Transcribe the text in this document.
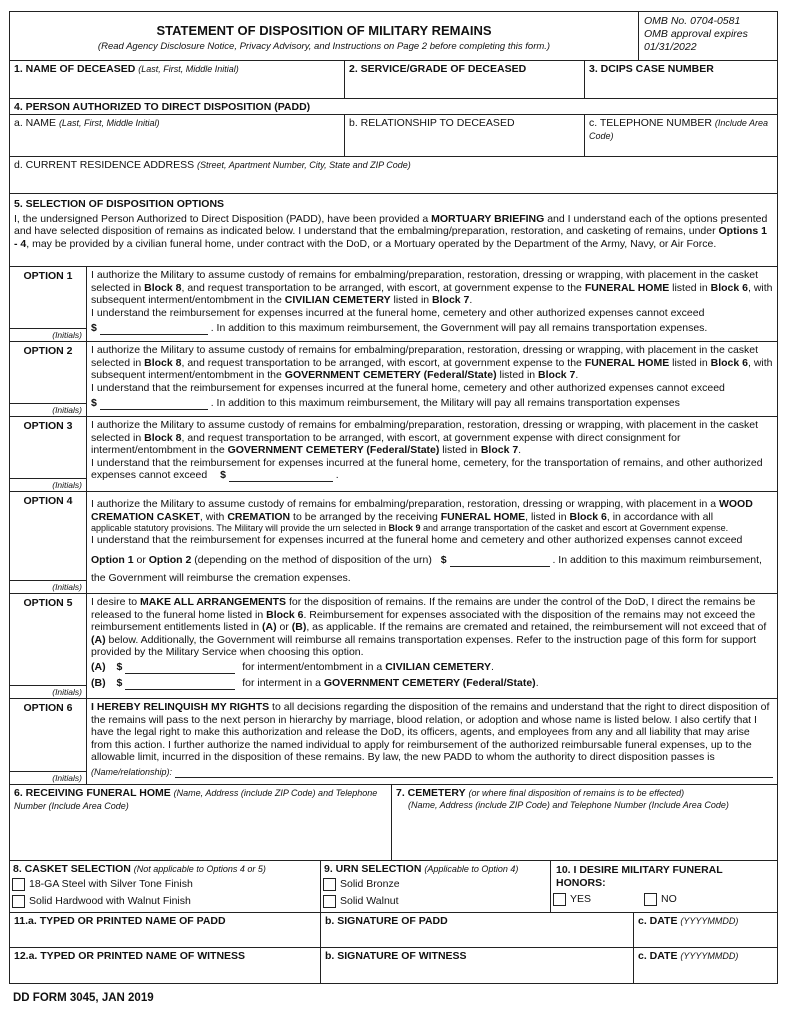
STATEMENT OF DISPOSITION OF MILITARY REMAINS
(Read Agency Disclosure Notice, Privacy Advisory, and Instructions on Page 2 before completing this form.)
OMB No. 0704-0581
OMB approval expires
01/31/2022
1. NAME OF DECEASED (Last, First, Middle Initial)	2. SERVICE/GRADE OF DECEASED	3. DCIPS CASE NUMBER
4. PERSON AUTHORIZED TO DIRECT DISPOSITION (PADD)
a. NAME (Last, First, Middle Initial)	b. RELATIONSHIP TO DECEASED	c. TELEPHONE NUMBER (Include Area Code)
d. CURRENT RESIDENCE ADDRESS (Street, Apartment Number, City, State and ZIP Code)
5. SELECTION OF DISPOSITION OPTIONS
I, the undersigned Person Authorized to Direct Disposition (PADD), have been provided a MORTUARY BRIEFING and I understand each of the options presented and have selected disposition of remains as indicated below. I understand that the embalming/preparation, restoration, and casketing of remains, under Options 1 - 4, may be provided by a civilian funeral home, under contract with the DoD, or a Mortuary operated by the Department of the Army, Navy, or Air Force.
OPTION 1
(Initials)
I authorize the Military to assume custody of remains for embalming/preparation, restoration, dressing or wrapping, with placement in the casket selected in Block 8, and request transportation to be arranged, with escort, at government expense to the FUNERAL HOME listed in Block 6, with subsequent interment/entombment in the CIVILIAN CEMETERY listed in Block 7.
I understand the reimbursement for expenses incurred at the funeral home, cemetery and other authorized expenses cannot exceed
$	. In addition to this maximum reimbursement, the Government will pay all remains transportation expenses.
OPTION 2
(Initials)
I authorize the Military to assume custody of remains for embalming/preparation, restoration, dressing or wrapping, with placement in the casket selected in Block 8, and request transportation to be arranged, with escort, at government expense to the FUNERAL HOME listed in Block 6, with subsequent interment/entombment in the GOVERNMENT CEMETERY (Federal/State) listed in Block 7.
I understand that the reimbursement for expenses incurred at the funeral home, cemetery and other authorized expenses cannot exceed
$	. In addition to this maximum reimbursement, the Military will pay all remains transportation expenses
OPTION 3
(Initials)
I authorize the Military to assume custody of remains for embalming/preparation, restoration, dressing or wrapping, with placement in the casket selected in Block 8, and request transportation to be arranged, with escort, at government expense with direct consignment for interment/entombment in the GOVERNMENT CEMETERY (Federal/State) listed in Block 7.
I understand that the reimbursement for expenses incurred at the funeral home, cemetery, for the transportation of remains, and other authorized expenses cannot exceed $	.
OPTION 4
(Initials)
I authorize the Military to assume custody of remains for embalming/preparation, restoration, dressing or wrapping, with placement in a WOOD CREMATION CASKET, with CREMATION to be arranged by the receiving FUNERAL HOME, listed in Block 6, in accordance with all
applicable statutory provisions. The Military will provide the urn selected in Block 9 and arrange transportation of the casket and escort at Government expense.
I understand that the reimbursement for expenses incurred at the funeral home and cemetery and other authorized expenses cannot exceed
Option 1 or Option 2 (depending on the method of disposition of the urn) $	. In addition to this maximum reimbursement,
the Government will reimburse the cremation expenses.
OPTION 5
(Initials)
I desire to MAKE ALL ARRANGEMENTS for the disposition of remains. If the remains are under the control of the DoD, I direct the remains be released to the funeral home listed in Block 6. Reimbursement for expenses associated with the disposition of the remains may not exceed the reimbursement entitlements listed in (A) or (B), as applicable. If the remains are cremated and retained, the reimbursement will not exceed that of (A) below. Additionally, the Government will reimburse all remains transportation expenses. Refer to the instruction page of this form for support provided by the Military Service when choosing this option.
(A) $	for interment/entombment in a CIVILIAN CEMETERY.
(B) $	for interment in a GOVERNMENT CEMETERY (Federal/State).
OPTION 6
(Initials)
I HEREBY RELINQUISH MY RIGHTS to all decisions regarding the disposition of the remains and understand that the right to direct disposition of the remains will pass to the next person in hierarchy by marriage, blood relation, or adoption and whose name is listed below. I also certify that I have the legal right to make this authorization and release the DoD, its officers, agents, and employees from any and all liability that may arise from this action. I further authorize the named individual to apply for reimbursement of the authorized reimbursable funeral expenses, up to the allowable limit, incurred in the disposition of these remains. By law, the new PADD to whom the authority to direct disposition passes is
(Name/relationship):
6. RECEIVING FUNERAL HOME (Name, Address (include ZIP Code) and Telephone Number (Include Area Code)
7. CEMETERY (or where final disposition of remains is to be effected)
(Name, Address (include ZIP Code) and Telephone Number (Include Area Code)
8. CASKET SELECTION (Not applicable to Options 4 or 5)
18-GA Steel with Silver Tone Finish
Solid Hardwood with Walnut Finish
9. URN SELECTION (Applicable to Option 4)
Solid Bronze
Solid Walnut
10. I DESIRE MILITARY FUNERAL HONORS:
YES	NO
11.a. TYPED OR PRINTED NAME OF PADD	b. SIGNATURE OF PADD	c. DATE (YYYYMMDD)
12.a. TYPED OR PRINTED NAME OF WITNESS	b. SIGNATURE OF WITNESS	c. DATE (YYYYMMDD)
DD FORM 3045, JAN 2019
